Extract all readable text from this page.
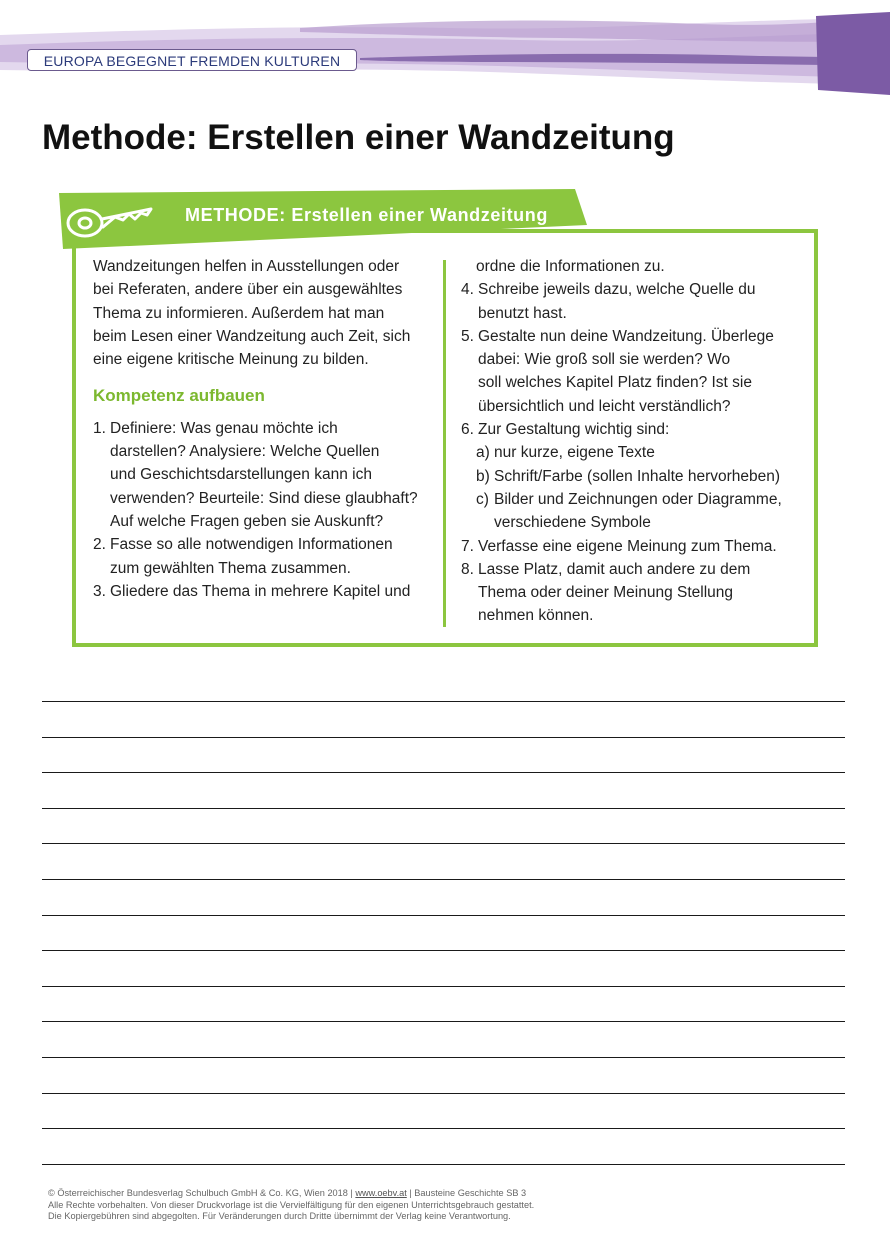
EUROPA BEGEGNET FREMDEN KULTUREN
Methode: Erstellen einer Wandzeitung
METHODE: Erstellen einer Wandzeitung

Wandzeitungen helfen in Ausstellungen oder

bei Referaten, andere über ein ausgewähltes

Thema zu informieren. Außerdem hat man

beim Lesen einer Wandzeitung auch Zeit, sich

eine eigene kritische Meinung zu bilden.

Kompetenz aufbauen

1. Definiere: Was genau möchte ich

darstellen? Analysiere: Welche Quellen

und Geschichtsdarstellungen kann ich

verwenden? Beurteile: Sind diese glaubhaft?

Auf welche Fragen geben sie Auskunft?

2. Fasse so alle notwendigen Informationen

zum gewählten Thema zusammen.

3. Gliedere das Thema in mehrere Kapitel und

ordne die Informationen zu.

4. Schreibe jeweils dazu, welche Quelle du

benutzt hast.

5. Gestalte nun deine Wandzeitung. Überlege

dabei: Wie groß soll sie werden? Wo

soll welches Kapitel Platz finden? Ist sie

übersichtlich und leicht verständlich?

6. Zur Gestaltung wichtig sind:

a) nur kurze, eigene Texte

b) Schrift/Farbe (sollen Inhalte hervorheben)

c) Bilder und Zeichnungen oder Diagramme,

verschiedene Symbole

7. Verfasse eine eigene Meinung zum Thema.

8. Lasse Platz, damit auch andere zu dem

Thema oder deiner Meinung Stellung

nehmen können.

© Österreichischer Bundesverlag Schulbuch GmbH & Co. KG, Wien 2018 | www.oebv.at | Bausteine Geschichte SB 3

Alle Rechte vorbehalten. Von dieser Druckvorlage ist die Vervielfältigung für den eigenen Unterrichtsgebrauch gestattet.

Die Kopiergebühren sind abgegolten. Für Veränderungen durch Dritte übernimmt der Verlag keine Verantwortung.
